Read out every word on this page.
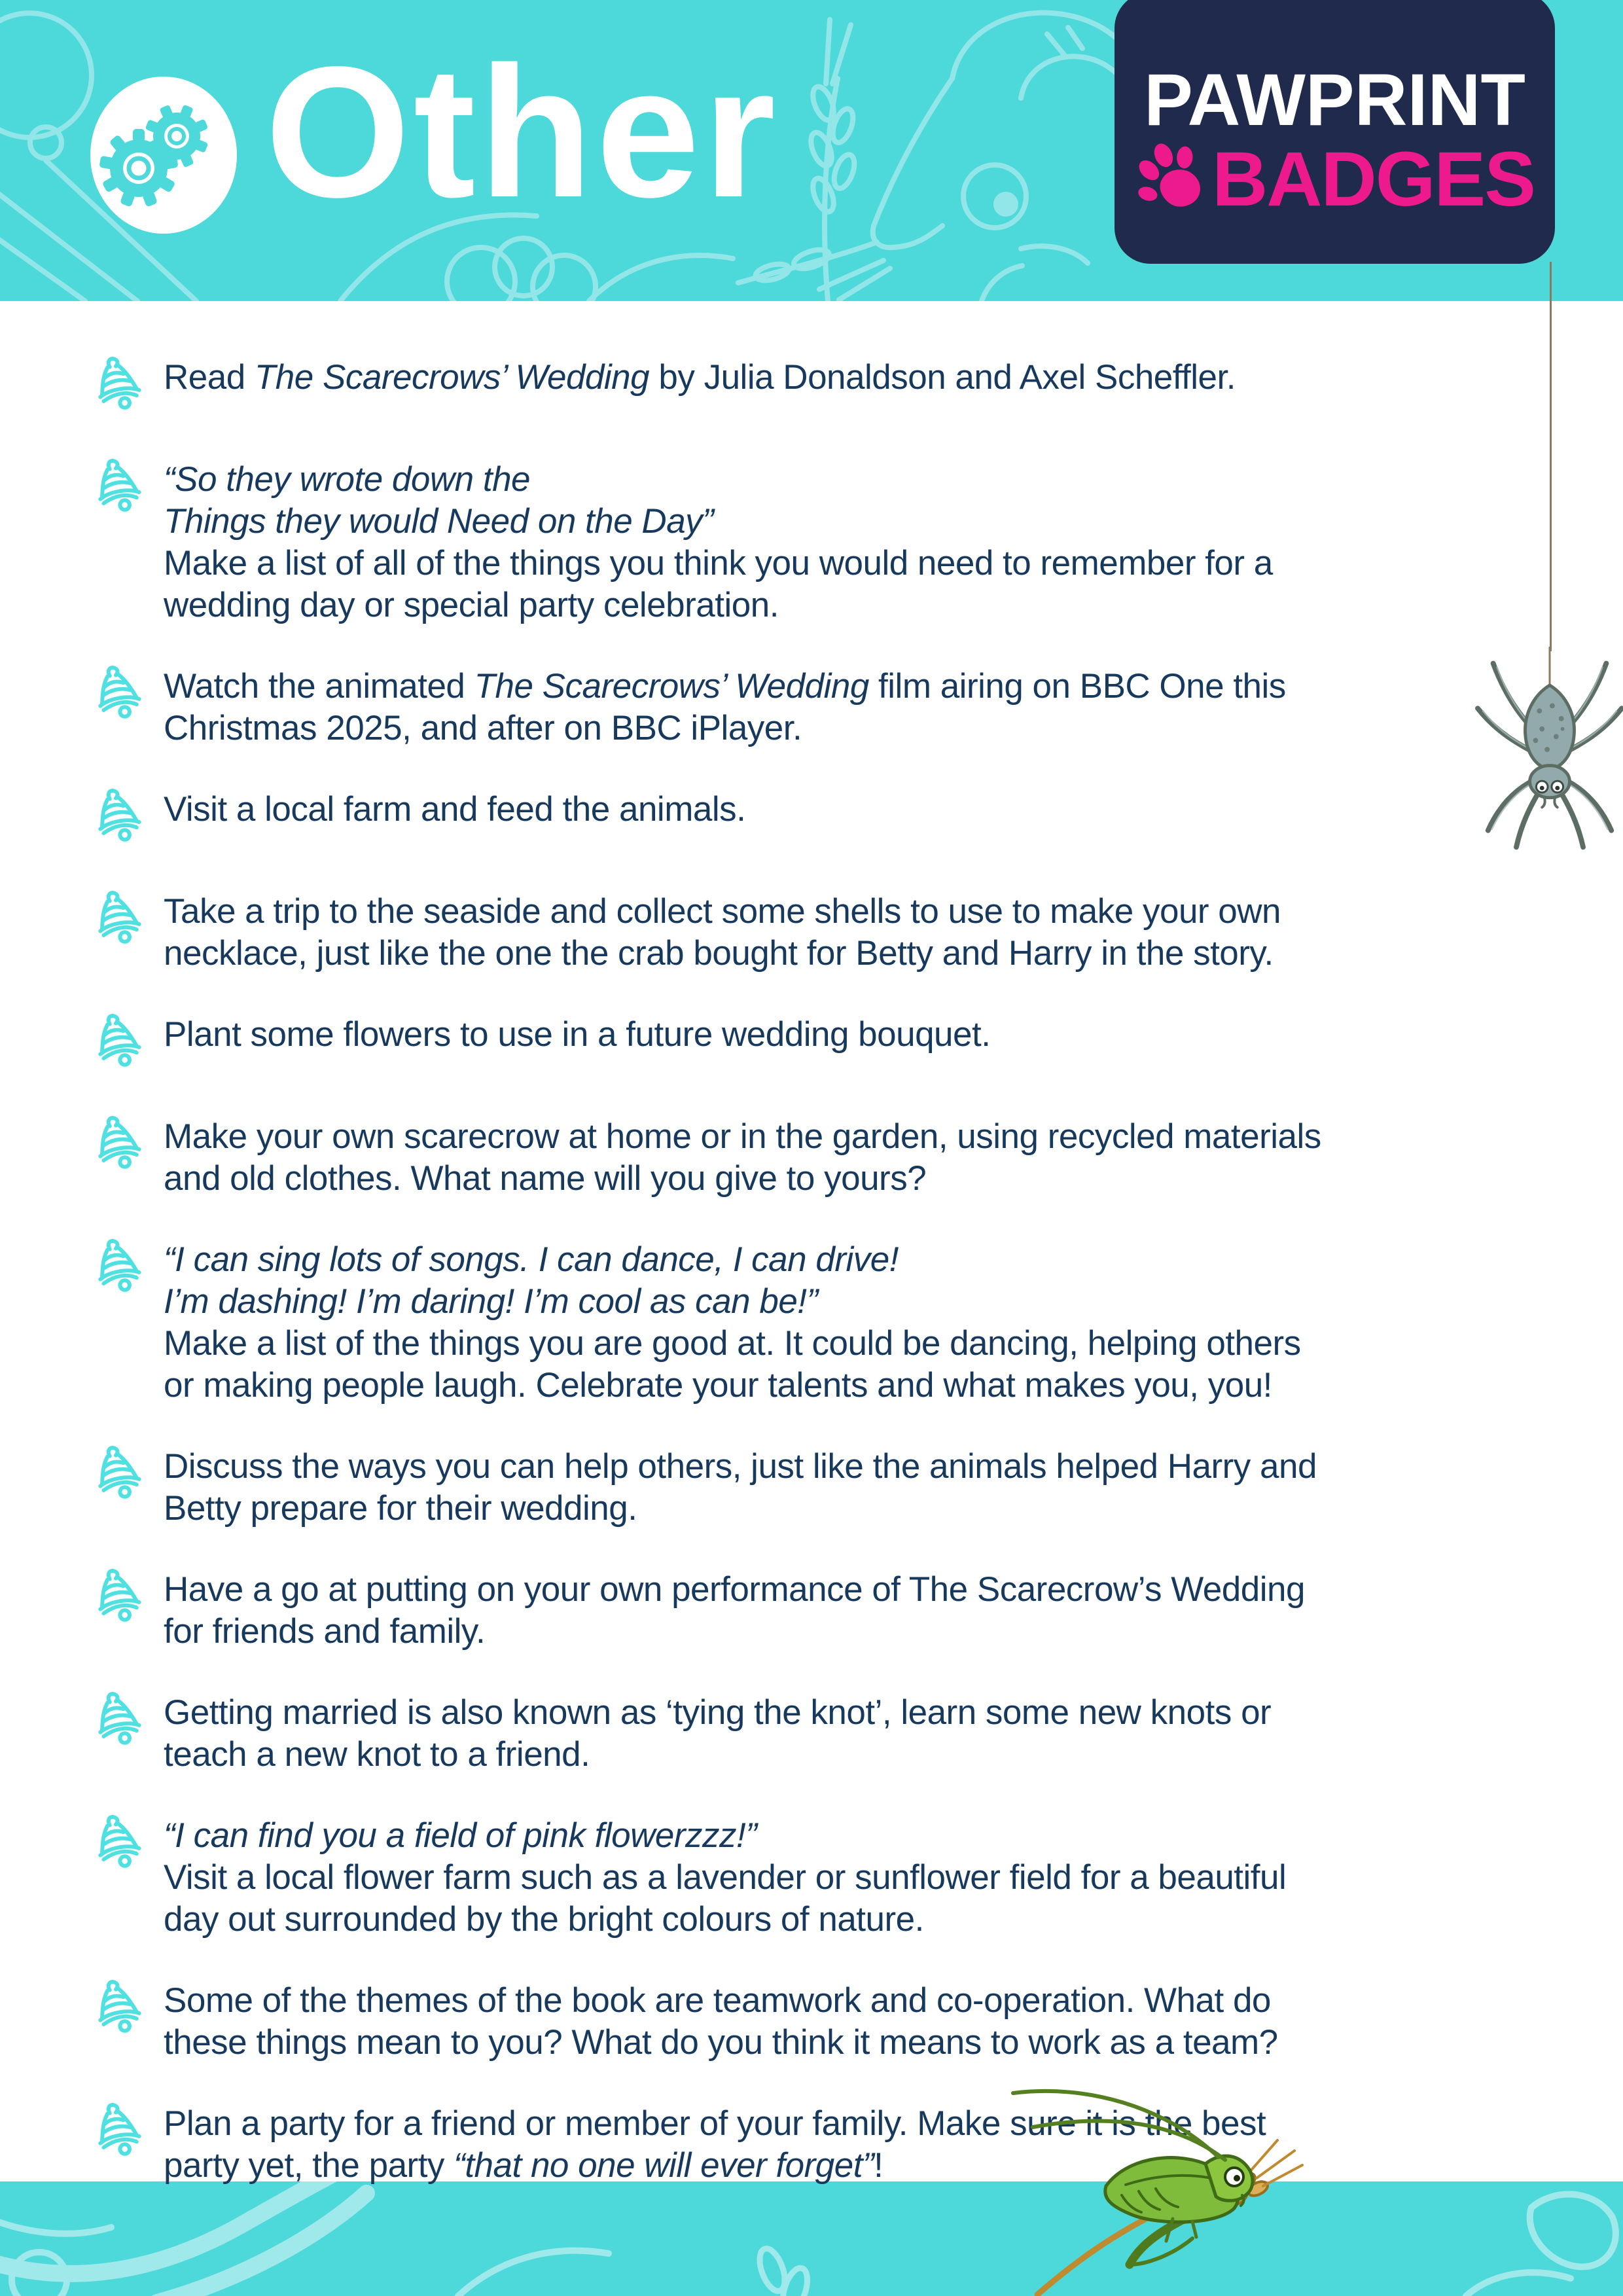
Other	PAWPRINT
BADGES
Read The Scarecrows’ Wedding by Julia Donaldson and Axel Scheffler.
“So they wrote down the
Things they would Need on the Day”
Make a list of all of the things you think you would need to remember for a
wedding day or special party celebration.
Watch the animated The Scarecrows’ Wedding film airing on BBC One this
Christmas 2025, and after on BBC iPlayer.
Visit a local farm and feed the animals.
Take a trip to the seaside and collect some shells to use to make your own
necklace, just like the one the crab bought for Betty and Harry in the story.
Plant some flowers to use in a future wedding bouquet.
Make your own scarecrow at home or in the garden, using recycled materials
and old clothes. What name will you give to yours?
“I can sing lots of songs. I can dance, I can drive!
I’m dashing! I’m daring! I’m cool as can be!”
Make a list of the things you are good at. It could be dancing, helping others
or making people laugh. Celebrate your talents and what makes you, you!
Discuss the ways you can help others, just like the animals helped Harry and
Betty prepare for their wedding.
Have a go at putting on your own performance of The Scarecrow’s Wedding
for friends and family.
Getting married is also known as ‘tying the knot’, learn some new knots or
teach a new knot to a friend.
“I can find you a field of pink flowerzzz!”
Visit a local flower farm such as a lavender or sunflower field for a beautiful
day out surrounded by the bright colours of nature.
Some of the themes of the book are teamwork and co-operation. What do
these things mean to you? What do you think it means to work as a team?
Plan a party for a friend or member of your family. Make sure it is the best
party yet, the party “that no one will ever forget”!
